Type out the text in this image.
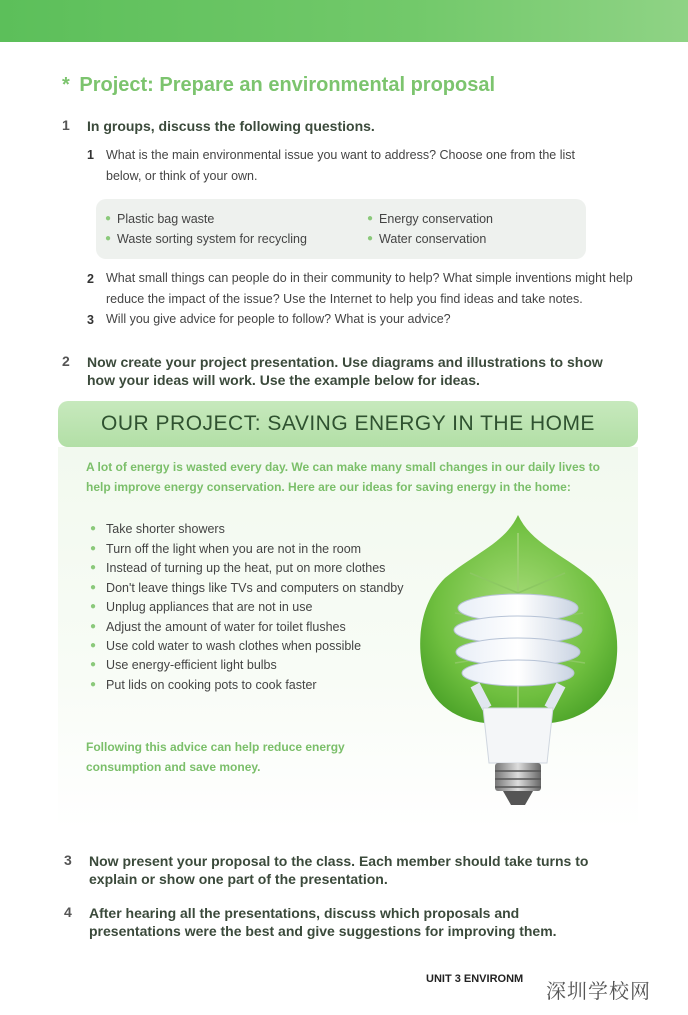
* Project: Prepare an environmental proposal
1 In groups, discuss the following questions.
1 What is the main environmental issue you want to address? Choose one from the list below, or think of your own.
● Plastic bag waste
● Waste sorting system for recycling
● Energy conservation
● Water conservation
2 What small things can people do in their community to help? What simple inventions might help reduce the impact of the issue? Use the Internet to help you find ideas and take notes.
3 Will you give advice for people to follow? What is your advice?
2 Now create your project presentation. Use diagrams and illustrations to show how your ideas will work. Use the example below for ideas.
OUR PROJECT: SAVING ENERGY IN THE HOME
A lot of energy is wasted every day. We can make many small changes in our daily lives to help improve energy conservation. Here are our ideas for saving energy in the home:
● Take shorter showers
● Turn off the light when you are not in the room
● Instead of turning up the heat, put on more clothes
● Don't leave things like TVs and computers on standby
● Unplug appliances that are not in use
● Adjust the amount of water for toilet flushes
● Use cold water to wash clothes when possible
● Use energy-efficient light bulbs
● Put lids on cooking pots to cook faster
Following this advice can help reduce energy consumption and save money.
3 Now present your proposal to the class. Each member should take turns to explain or show one part of the presentation.
4 After hearing all the presentations, discuss which proposals and presentations were the best and give suggestions for improving them.
UNIT 3 ENVIRONM 深圳学校网
